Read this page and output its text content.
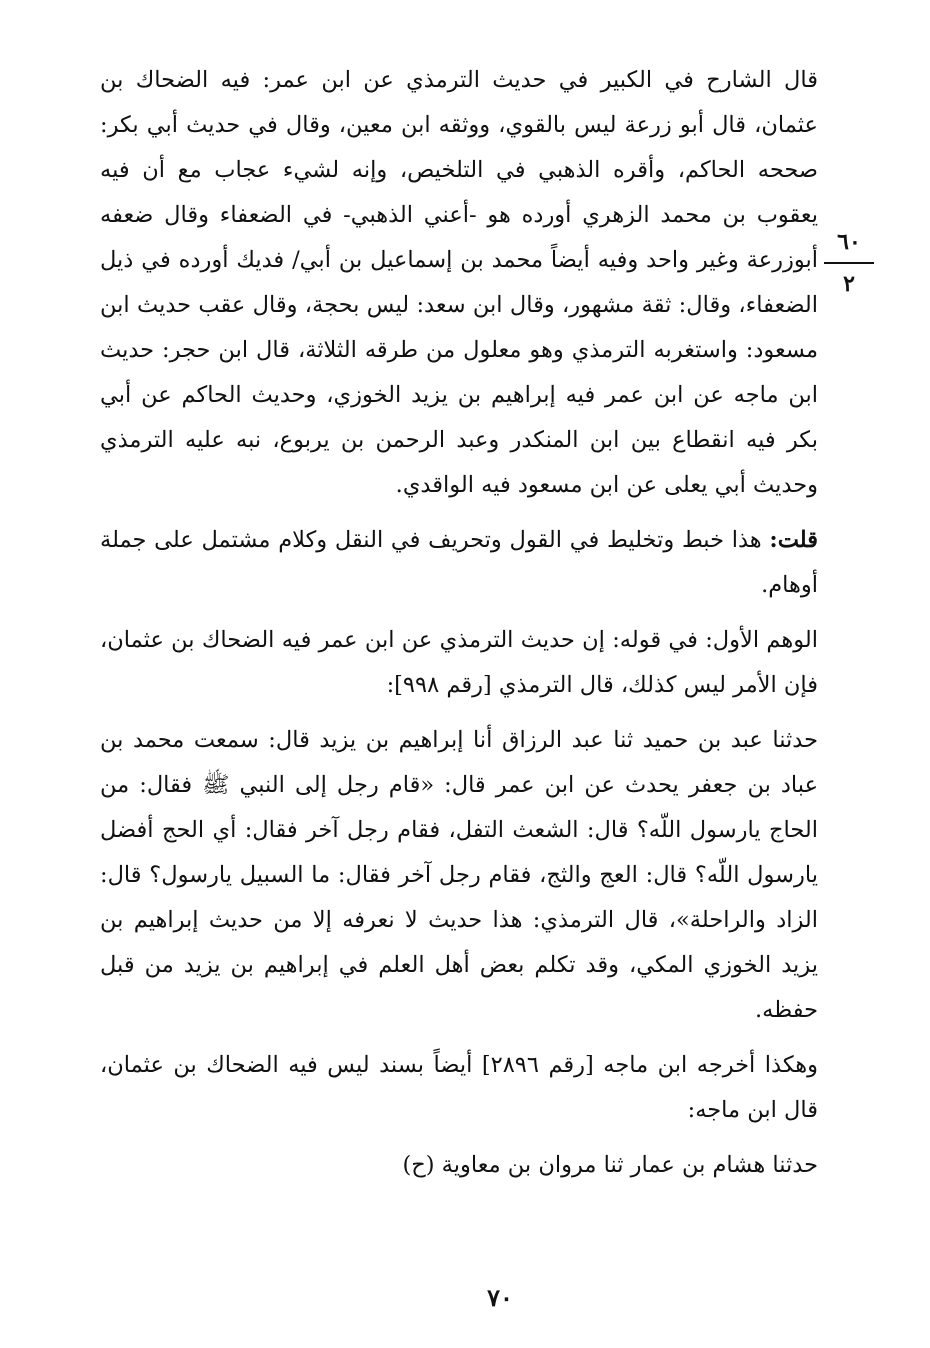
قال الشارح في الكبير في حديث الترمذي عن ابن عمر: فيه الضحاك بن عثمان، قال أبو زرعة ليس بالقوي، ووثقه ابن معين، وقال في حديث أبي بكر: صححه الحاكم، وأقره الذهبي في التلخيص، وإنه لشيء عجاب مع أن فيه يعقوب بن محمد الزهري أورده هو -أعني الذهبي- في الضعفاء وقال ضعفه أبوزرعة وغير واحد وفيه أيضاً محمد بن إسماعيل بن أبي/ فديك أورده في ذيل الضعفاء، وقال: ثقة مشهور، وقال ابن سعد: ليس بحجة، وقال عقب حديث ابن مسعود: واستغربه الترمذي وهو معلول من طرقه الثلاثة، قال ابن حجر: حديث ابن ماجه عن ابن عمر فيه إبراهيم بن يزيد الخوزي، وحديث الحاكم عن أبي بكر فيه انقطاع بين ابن المنكدر وعبد الرحمن بن يربوع، نبه عليه الترمذي وحديث أبي يعلى عن ابن مسعود فيه الواقدي.

قلت: هذا خبط وتخليط في القول وتحريف في النقل وكلام مشتمل على جملة أوهام.

الوهم الأول: في قوله: إن حديث الترمذي عن ابن عمر فيه الضحاك بن عثمان، فإن الأمر ليس كذلك، قال الترمذي [رقم ٩٩٨]:

حدثنا عبد بن حميد ثنا عبد الرزاق أنا إبراهيم بن يزيد قال: سمعت محمد بن عباد بن جعفر يحدث عن ابن عمر قال: «قام رجل إلى النبي ﷺ فقال: من الحاج يارسول اللّه؟ قال: الشعث التفل، فقام رجل آخر فقال: أي الحج أفضل يارسول اللّه؟ قال: العج والثج، فقام رجل آخر فقال: ما السبيل يارسول؟ قال: الزاد والراحلة»، قال الترمذي: هذا حديث لا نعرفه إلا من حديث إبراهيم بن يزيد الخوزي المكي، وقد تكلم بعض أهل العلم في إبراهيم بن يزيد من قبل حفظه.

وهكذا أخرجه ابن ماجه [رقم ٢٨٩٦] أيضاً بسند ليس فيه الضحاك بن عثمان، قال ابن ماجه:

حدثنا هشام بن عمار ثنا مروان بن معاوية (ح)

٦٠
٢
٧٠
